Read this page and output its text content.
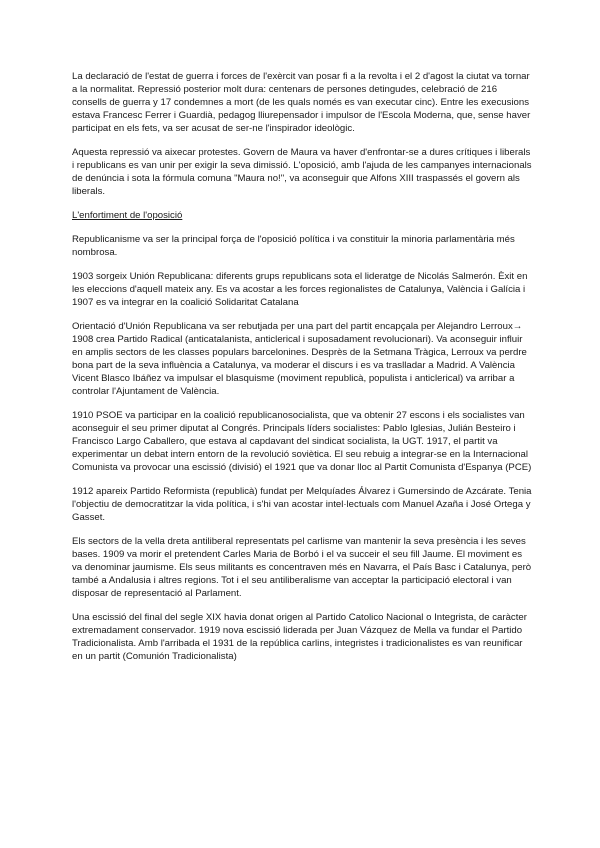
La declaració de l'estat de guerra i forces de l'exèrcit van posar fi a la revolta i el 2 d'agost la ciutat va tornar a la normalitat. Repressió posterior molt dura: centenars de persones detingudes, celebració de 216 consells de guerra y 17 condemnes a mort (de les quals només es van executar cinc). Entre les execusions estava Francesc Ferrer i Guardià, pedagog lliurepensador i impulsor de l'Escola Moderna, que, sense haver participat en els fets, va ser acusat de ser-ne l'inspirador ideològic.

Aquesta repressió va aixecar protestes. Govern de Maura va haver d'enfrontar-se a dures crítiques i liberals i republicans es van unir per exigir la seva dimissió. L'oposició, amb l'ajuda de les campanyes internacionals de denúncia i sota la fórmula comuna "Maura no!", va aconseguir que Alfons XIII traspassés el govern als liberals.

L'enfortiment de l'oposició

Republicanisme va ser la principal força de l'oposició política i va constituir la minoria parlamentària més nombrosa.

1903 sorgeix Unión Republicana: diferents grups republicans sota el lideratge de Nicolás Salmerón. Èxit en les eleccions d'aquell mateix any. Es va acostar a les forces regionalistes de Catalunya, València i Galícia i 1907 es va integrar en la coalició Solidaritat Catalana

Orientació d'Unión Republicana va ser rebutjada per una part del partit encapçala per Alejandro Lerroux→ 1908 crea Partido Radical (anticatalanista, anticlerical i suposadament revolucionari). Va aconseguir influir en amplis sectors de les classes populars barcelonines. Desprès de la Setmana Tràgica, Lerroux va perdre bona part de la seva influència a Catalunya, va moderar el discurs i es va traslladar a Madrid. A València Vicent Blasco Ibáñez va impulsar el blasquisme (moviment republicà, populista i anticlerical) va arribar a controlar l'Ajuntament de València.

1910 PSOE va participar en la coalició republicanosocialista, que va obtenir 27 escons i els socialistes van aconseguir el seu primer diputat al Congrés. Principals líders socialistes: Pablo Iglesias, Julián Besteiro i Francisco Largo Caballero, que estava al capdavant del sindicat socialista, la UGT. 1917, el partit va experimentar un debat intern entorn de la revolució soviètica. El seu rebuig a integrar-se en la Internacional Comunista va provocar una escissió (divisió) el 1921 que va donar lloc al Partit Comunista d'Espanya (PCE)

1912 apareix Partido Reformista (republicà) fundat per Melquíades Álvarez i Gumersindo de Azcárate. Tenia l'objectiu de democratitzar la vida política, i s'hi van acostar intel·lectuals com Manuel Azaña i José Ortega y Gasset.

Els sectors de la vella dreta antiliberal representats pel carlisme van mantenir la seva presència i les seves bases. 1909 va morir el pretendent Carles Maria de Borbó i el va succeir el seu fill Jaume. El moviment es va denominar jaumisme. Els seus militants es concentraven més en Navarra, el País Basc i Catalunya, però també a Andalusia i altres regions. Tot i el seu antiliberalisme van acceptar la participació electoral i van disposar de representació al Parlament.

Una escissió del final del segle XIX havia donat origen al Partido Catolico Nacional o Integrista, de caràcter extremadament conservador. 1919 nova escissió liderada per Juan Vázquez de Mella va fundar el Partido Tradicionalista. Amb l'arribada el 1931 de la república carlins, integristes i tradicionalistes es van reunificar en un partit (Comunión Tradicionalista)
